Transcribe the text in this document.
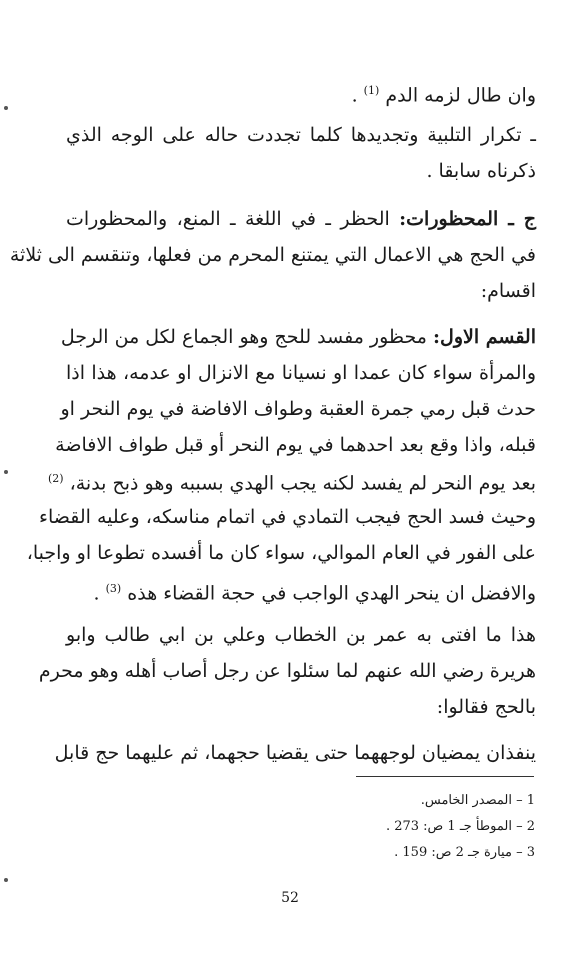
وان طال لزمه الدم $^{(1)}$ .
ـ تكرار التلبية وتجديدها كلما تجددت حاله على الوجه الذي
ذكرناه سابقا .
ج ـ المحظورات: الحظر ـ في اللغة ـ المنع، والمحظورات
في الحج هي الاعمال التي يمتنع المحرم من فعلها، وتنقسم الى ثلاثة
اقسام:
القسم الاول: محظور مفسد للحج وهو الجماع لكل من الرجل
والمرأة سواء كان عمدا او نسيانا مع الانزال او عدمه، هذا اذا
حدث قبل رمي جمرة العقبة وطواف الافاضة في يوم النحر او
قبله، واذا وقع بعد احدهما في يوم النحر أو قبل طواف الافاضة
بعد يوم النحر لم يفسد لكنه يجب الهدي بسببه وهو ذبح بدنة، $^{(2)}$
وحيث فسد الحج فيجب التمادي في اتمام مناسكه، وعليه القضاء
على الفور في العام الموالي، سواء كان ما أفسده تطوعا او واجبا،
والافضل ان ينحر الهدي الواجب في حجة القضاء هذه $^{(3)}$ .
هذا ما افتى به عمر بن الخطاب وعلي بن ابي طالب وابو
هريرة رضي الله عنهم لما سئلوا عن رجل أصاب أهله وهو محرم
بالحج فقالوا:
ينفذان يمضيان لوجههما حتى يقضيا حجهما، ثم عليهما حج قابل
1 – المصدر الخامس.
2 – الموطأ جـ 1 ص: 273 .
3 – ميارة جـ 2 ص: 159 .
52
